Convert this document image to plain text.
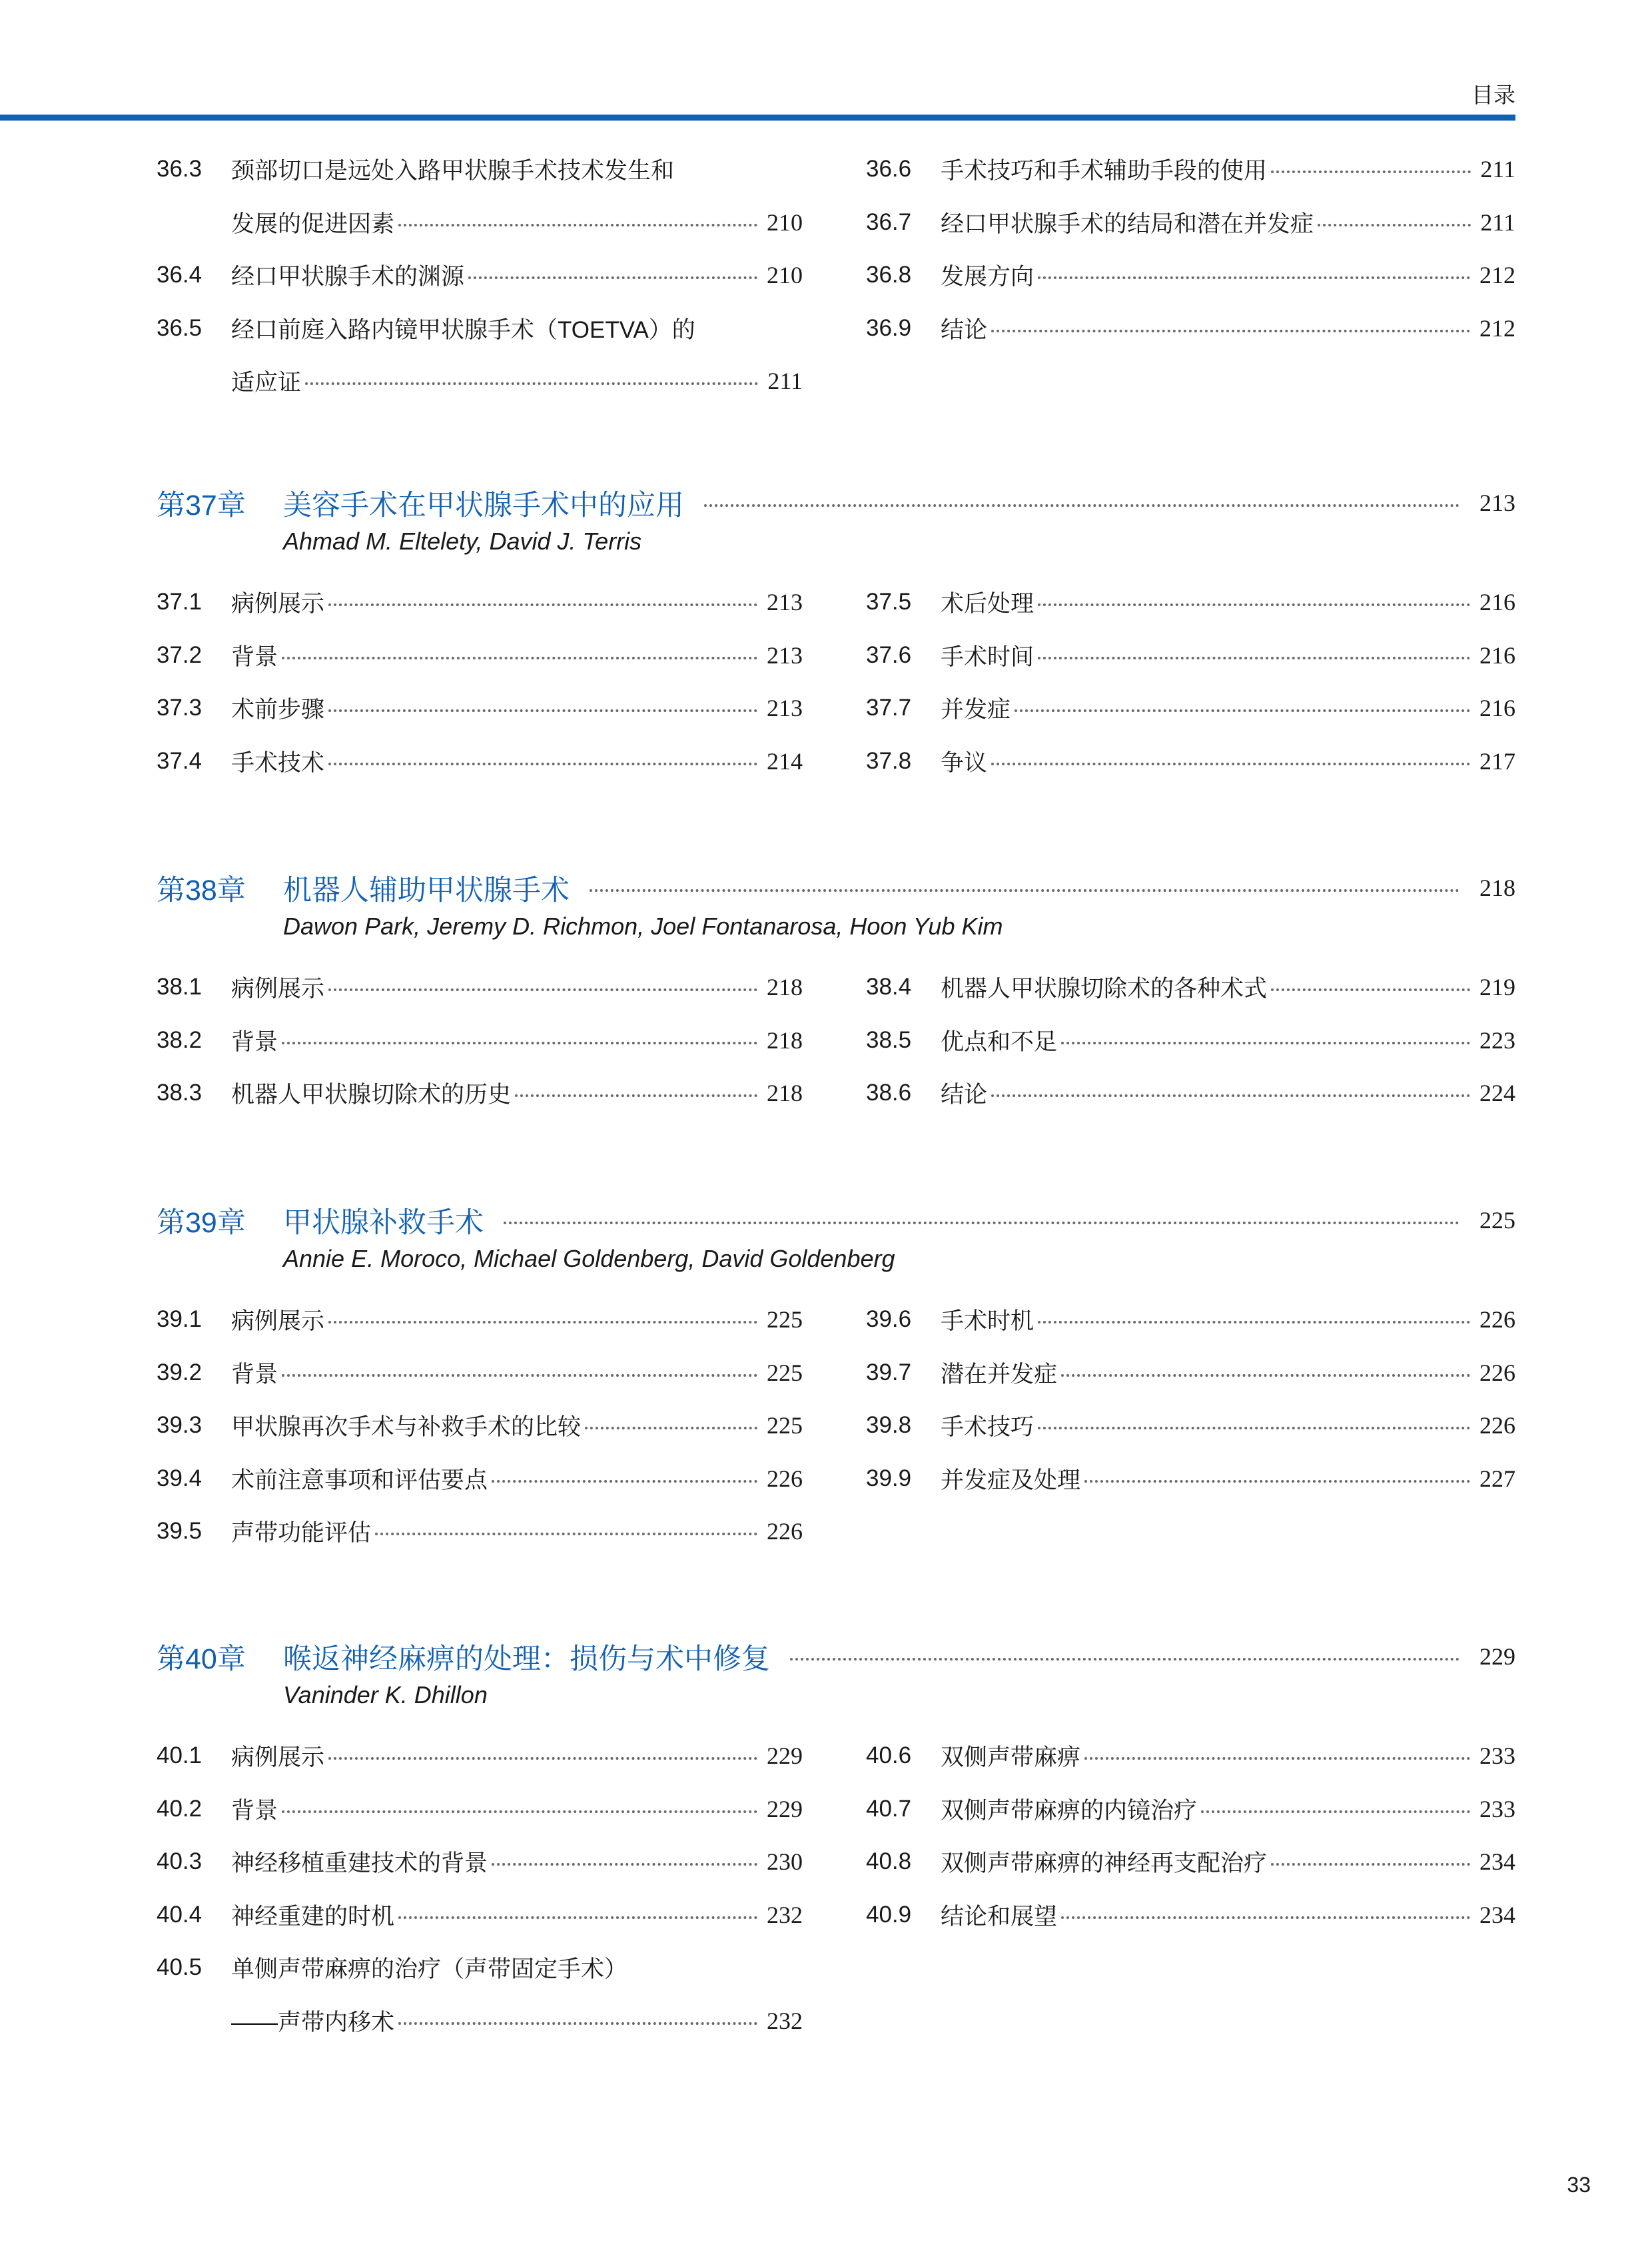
目录
36.3	颈部切口是远处入路甲状腺手术技术发生和
发展的促进因素	210
36.4	经口甲状腺手术的渊源	210
36.5	经口前庭入路内镜甲状腺手术（TOETVA）的
适应证	211
36.6	手术技巧和手术辅助手段的使用	211
36.7	经口甲状腺手术的结局和潜在并发症	211
36.8	发展方向	212
36.9	结论	212
第37章	美容手术在甲状腺手术中的应用	213
Ahmad M. Eltelety, David J. Terris
37.1	病例展示	213
37.2	背景	213
37.3	术前步骤	213
37.4	手术技术	214
37.5	术后处理	216
37.6	手术时间	216
37.7	并发症	216
37.8	争议	217
第38章	机器人辅助甲状腺手术	218
Dawon Park, Jeremy D. Richmon, Joel Fontanarosa, Hoon Yub Kim
38.1	病例展示	218
38.2	背景	218
38.3	机器人甲状腺切除术的历史	218
38.4	机器人甲状腺切除术的各种术式	219
38.5	优点和不足	223
38.6	结论	224
第39章	甲状腺补救手术	225
Annie E. Moroco, Michael Goldenberg, David Goldenberg
39.1	病例展示	225
39.2	背景	225
39.3	甲状腺再次手术与补救手术的比较	225
39.4	术前注意事项和评估要点	226
39.5	声带功能评估	226
39.6	手术时机	226
39.7	潜在并发症	226
39.8	手术技巧	226
39.9	并发症及处理	227
第40章	喉返神经麻痹的处理：损伤与术中修复	229
Vaninder K. Dhillon
40.1	病例展示	229
40.2	背景	229
40.3	神经移植重建技术的背景	230
40.4	神经重建的时机	232
40.5	单侧声带麻痹的治疗（声带固定手术）
——声带内移术	232
40.6	双侧声带麻痹	233
40.7	双侧声带麻痹的内镜治疗	233
40.8	双侧声带麻痹的神经再支配治疗	234
40.9	结论和展望	234
33
